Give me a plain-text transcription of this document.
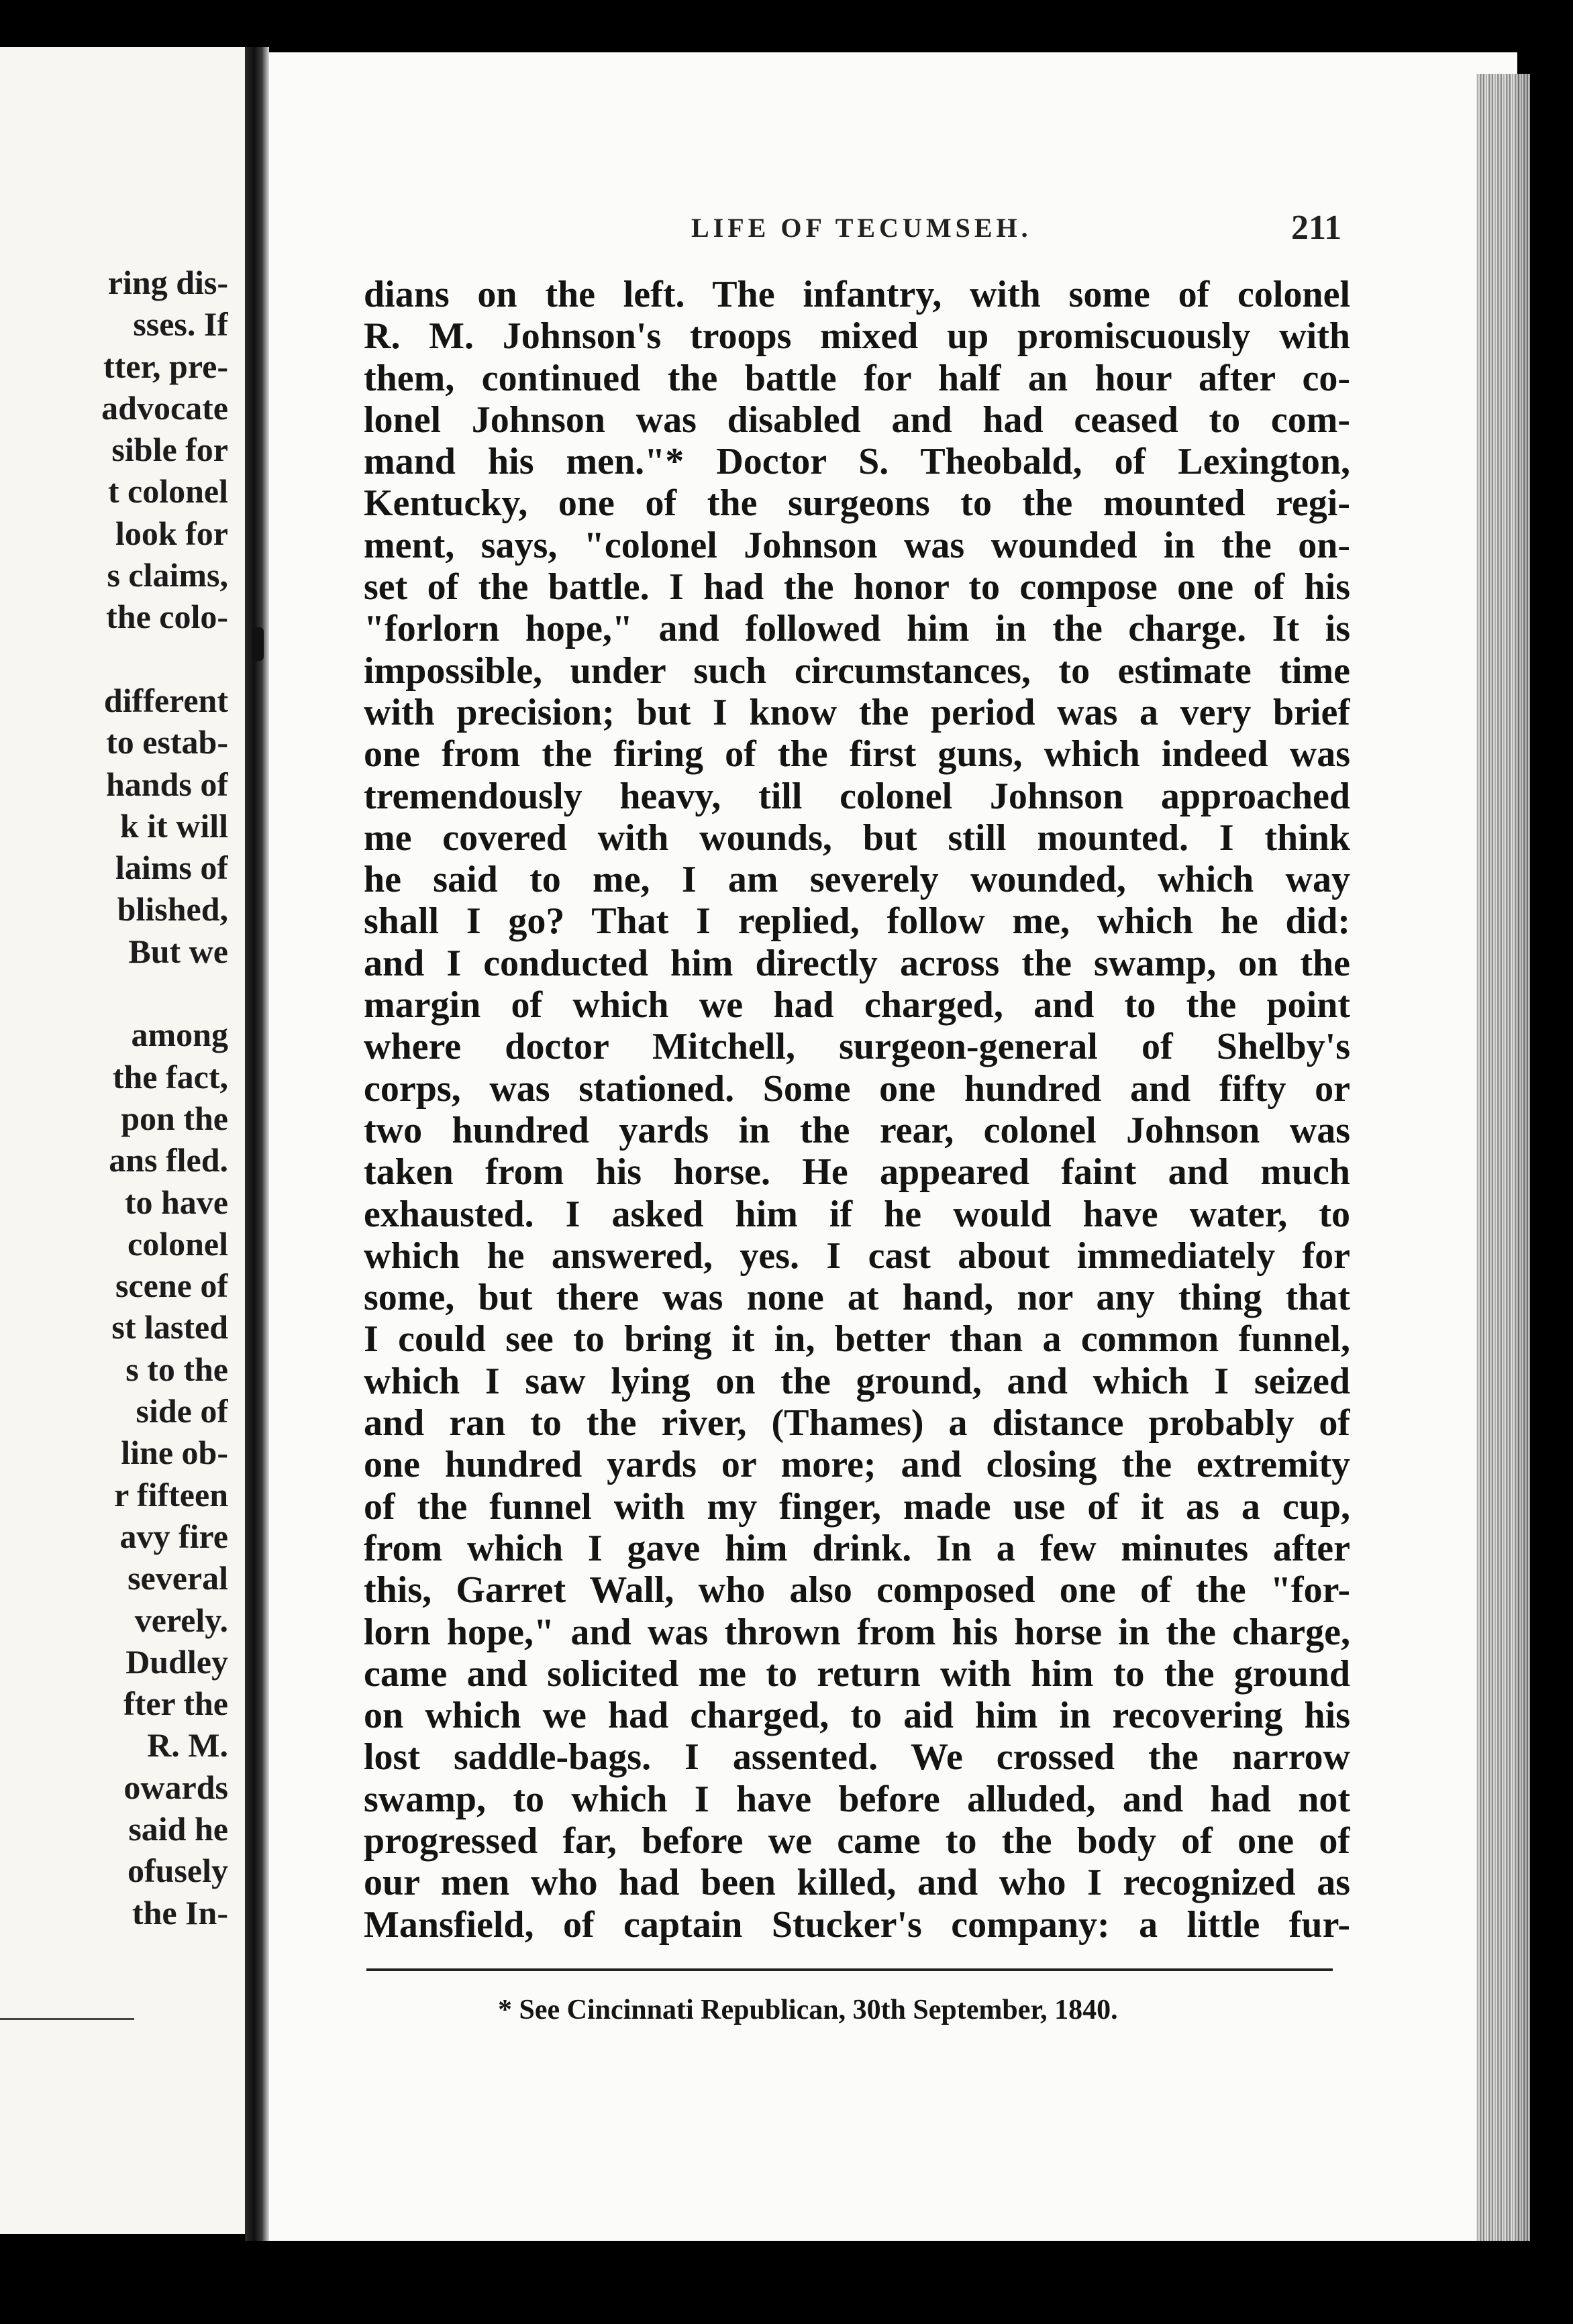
ring dis-
sses. If
tter, pre-
advocate
sible for
t colonel
look for
s claims,
the colo-
different
to estab-
hands of
k it will
laims of
blished,
But we
among
the fact,
pon the
ans fled.
to have
colonel
scene of
st lasted
s to the
side of
line ob-
r fifteen
avy fire
several
verely.
Dudley
fter the
R. M.
owards
said he
ofusely
the In-
LIFE OF TECUMSEH.	211
dians on the left. The infantry, with some of colonel
R. M. Johnson's troops mixed up promiscuously with
them, continued the battle for half an hour after co-
lonel Johnson was disabled and had ceased to com-
mand his men."* Doctor S. Theobald, of Lexington,
Kentucky, one of the surgeons to the mounted regi-
ment, says, "colonel Johnson was wounded in the on-
set of the battle. I had the honor to compose one of his
"forlorn hope," and followed him in the charge. It is
impossible, under such circumstances, to estimate time
with precision; but I know the period was a very brief
one from the firing of the first guns, which indeed was
tremendously heavy, till colonel Johnson approached
me covered with wounds, but still mounted. I think
he said to me, I am severely wounded, which way
shall I go? That I replied, follow me, which he did:
and I conducted him directly across the swamp, on the
margin of which we had charged, and to the point
where doctor Mitchell, surgeon-general of Shelby's
corps, was stationed. Some one hundred and fifty or
two hundred yards in the rear, colonel Johnson was
taken from his horse. He appeared faint and much
exhausted. I asked him if he would have water, to
which he answered, yes. I cast about immediately for
some, but there was none at hand, nor any thing that
I could see to bring it in, better than a common funnel,
which I saw lying on the ground, and which I seized
and ran to the river, (Thames) a distance probably of
one hundred yards or more; and closing the extremity
of the funnel with my finger, made use of it as a cup,
from which I gave him drink. In a few minutes after
this, Garret Wall, who also composed one of the "for-
lorn hope," and was thrown from his horse in the charge,
came and solicited me to return with him to the ground
on which we had charged, to aid him in recovering his
lost saddle-bags. I assented. We crossed the narrow
swamp, to which I have before alluded, and had not
progressed far, before we came to the body of one of
our men who had been killed, and who I recognized as
Mansfield, of captain Stucker's company: a little fur-
* See Cincinnati Republican, 30th September, 1840.
